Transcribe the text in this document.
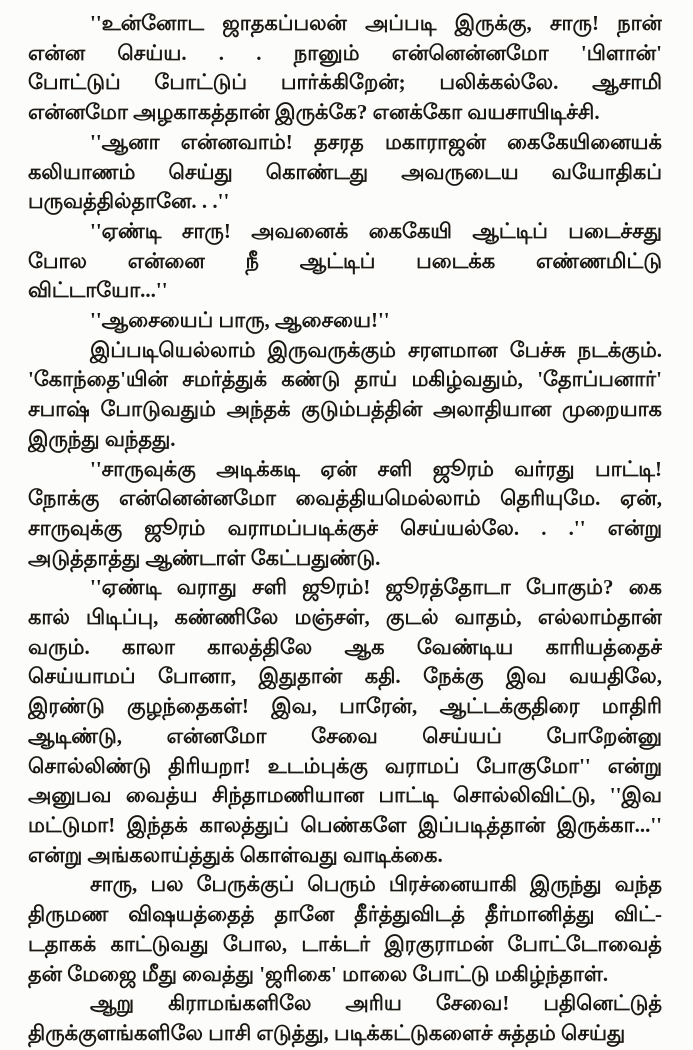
''உன்னோட ஜாதகப்பலன் அப்படி இருக்கு, சாரு! நான்
என்ன செய்ய. . . நானும் என்னென்னமோ 'பிளான்'
போட்டுப் போட்டுப் பார்க்கிறேன்; பலிக்கல்லே. ஆசாமி
என்னமோ அழகாகத்தான் இருக்கே? எனக்கோ வயசாயிடிச்சி.
''ஆனா என்னவாம்! தசரத மகாராஜன் கைகேயினையக்
கலியாணம் செய்து கொண்டது அவருடைய வயோதிகப்
பருவத்தில்தானே. . .''
''ஏண்டி சாரு! அவனைக் கைகேயி ஆட்டிப் படைச்சது
போல என்னை நீ ஆட்டிப் படைக்க எண்ணமிட்டு
விட்டாயோ...''
''ஆசையைப் பாரு, ஆசையை!''
இப்படியெல்லாம் இருவருக்கும் சரளமான பேச்சு நடக்கும்.
'கோந்தை'யின் சமர்த்துக் கண்டு தாய் மகிழ்வதும், 'தோப்பனார்'
சபாஷ் போடுவதும் அந்தக் குடும்பத்தின் அலாதியான முறையாக
இருந்து வந்தது.
''சாருவுக்கு அடிக்கடி ஏன் சளி ஜூரம் வர்ரது பாட்டி!
நோக்கு என்னென்னமோ வைத்தியமெல்லாம் தெரியுமே. ஏன்,
சாருவுக்கு ஜூரம் வராமப்படிக்குச் செய்யல்லே. . .'' என்று
அடுத்தாத்து ஆண்டாள் கேட்பதுண்டு.
''ஏண்டி வராது சளி ஜூரம்! ஜூரத்தோடா போகும்? கை
கால் பிடிப்பு, கண்ணிலே மஞ்சள், குடல் வாதம், எல்லாம்தான்
வரும். காலா காலத்திலே ஆக வேண்டிய காரியத்தைச்
செய்யாமப் போனா, இதுதான் கதி. நேக்கு இவ வயதிலே,
இரண்டு குழந்தைகள்! இவ, பாரேன், ஆட்டக்குதிரை மாதிரி
ஆடிண்டு, என்னமோ சேவை செய்யப் போறேன்னு
சொல்லிண்டு திரியறா! உடம்புக்கு வராமப் போகுமோ'' என்று
அனுபவ வைத்ய சிந்தாமணியான பாட்டி சொல்லிவிட்டு, ''இவ
மட்டுமா! இந்தக் காலத்துப் பெண்களே இப்படித்தான் இருக்கா...''
என்று அங்கலாய்த்துக் கொள்வது வாடிக்கை.
சாரு, பல பேருக்குப் பெரும் பிரச்னையாகி இருந்து வந்த
திருமண விஷயத்தைத் தானே தீர்த்துவிடத் தீர்மானித்து விட்-
டதாகக் காட்டுவது போல, டாக்டர் இரகுராமன் போட்டோவைத்
தன் மேஜை மீது வைத்து 'ஜரிகை' மாலை போட்டு மகிழ்ந்தாள்.
ஆறு கிராமங்களிலே அரிய சேவை! பதினெட்டுத்
திருக்குளங்களிலே பாசி எடுத்து, படிக்கட்டுகளைச் சுத்தம் செய்து
